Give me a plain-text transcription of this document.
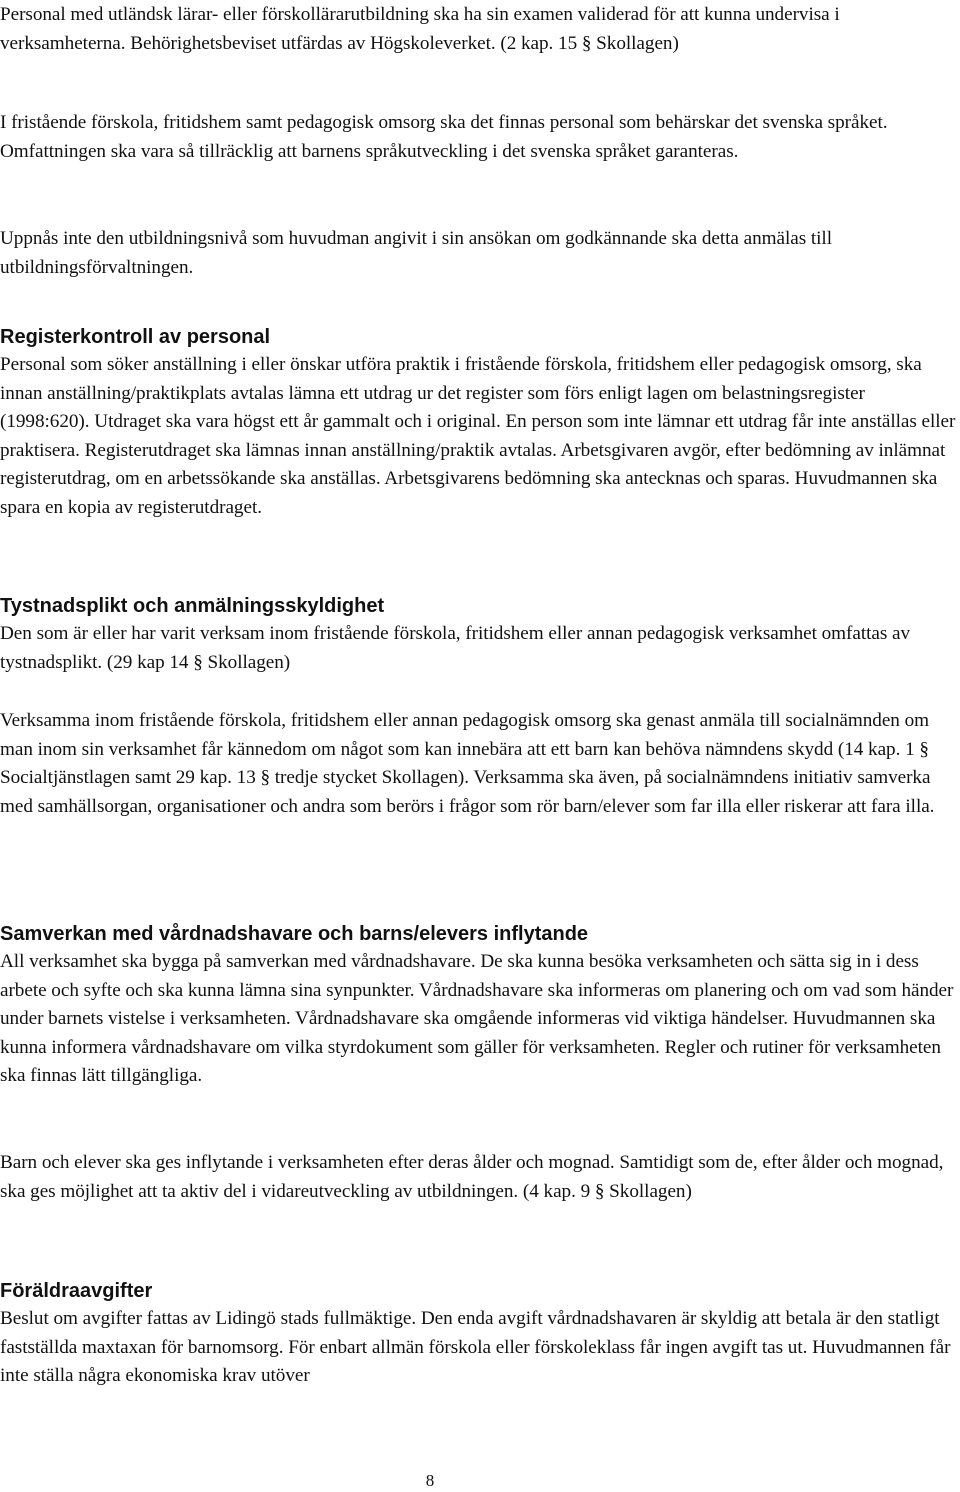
Personal med utländsk lärar- eller förskollärarutbildning ska ha sin examen validerad för att kunna undervisa i verksamheterna. Behörighetsbeviset utfärdas av Högskoleverket. (2 kap. 15 § Skollagen)

I fristående förskola, fritidshem samt pedagogisk omsorg ska det finnas personal som behärskar det svenska språket. Omfattningen ska vara så tillräcklig att barnens språkutveckling i det svenska språket garanteras.

Uppnås inte den utbildningsnivå som huvudman angivit i sin ansökan om godkännande ska detta anmälas till utbildningsförvaltningen.

Registerkontroll av personal

Personal som söker anställning i eller önskar utföra praktik i fristående förskola, fritidshem eller pedagogisk omsorg, ska innan anställning/praktikplats avtalas lämna ett utdrag ur det register som förs enligt lagen om belastningsregister (1998:620). Utdraget ska vara högst ett år gammalt och i original. En person som inte lämnar ett utdrag får inte anställas eller praktisera. Registerutdraget ska lämnas innan anställning/praktik avtalas. Arbetsgivaren avgör, efter bedömning av inlämnat registerutdrag, om en arbetssökande ska anställas. Arbetsgivarens bedömning ska antecknas och sparas. Huvudmannen ska spara en kopia av registerutdraget.

Tystnadsplikt och anmälningsskyldighet

Den som är eller har varit verksam inom fristående förskola, fritidshem eller annan pedagogisk verksamhet omfattas av tystnadsplikt. (29 kap 14 § Skollagen)

Verksamma inom fristående förskola, fritidshem eller annan pedagogisk omsorg ska genast anmäla till socialnämnden om man inom sin verksamhet får kännedom om något som kan innebära att ett barn kan behöva nämndens skydd (14 kap. 1 § Socialtjänstlagen samt 29 kap. 13 § tredje stycket Skollagen). Verksamma ska även, på socialnämndens initiativ samverka med samhällsorgan, organisationer och andra som berörs i frågor som rör barn/elever som far illa eller riskerar att fara illa.

Samverkan med vårdnadshavare och barns/elevers inflytande

All verksamhet ska bygga på samverkan med vårdnadshavare. De ska kunna besöka verksamheten och sätta sig in i dess arbete och syfte och ska kunna lämna sina synpunkter. Vårdnadshavare ska informeras om planering och om vad som händer under barnets vistelse i verksamheten. Vårdnadshavare ska omgående informeras vid viktiga händelser. Huvudmannen ska kunna informera vårdnadshavare om vilka styrdokument som gäller för verksamheten. Regler och rutiner för verksamheten ska finnas lätt tillgängliga.

Barn och elever ska ges inflytande i verksamheten efter deras ålder och mognad. Samtidigt som de, efter ålder och mognad, ska ges möjlighet att ta aktiv del i vidareutveckling av utbildningen. (4 kap. 9 § Skollagen)

Föräldraavgifter

Beslut om avgifter fattas av Lidingö stads fullmäktige. Den enda avgift vårdnadshavaren är skyldig att betala är den statligt fastställda maxtaxan för barnomsorg. För enbart allmän förskola eller förskoleklass får ingen avgift tas ut. Huvudmannen får inte ställa några ekonomiska krav utöver

8
